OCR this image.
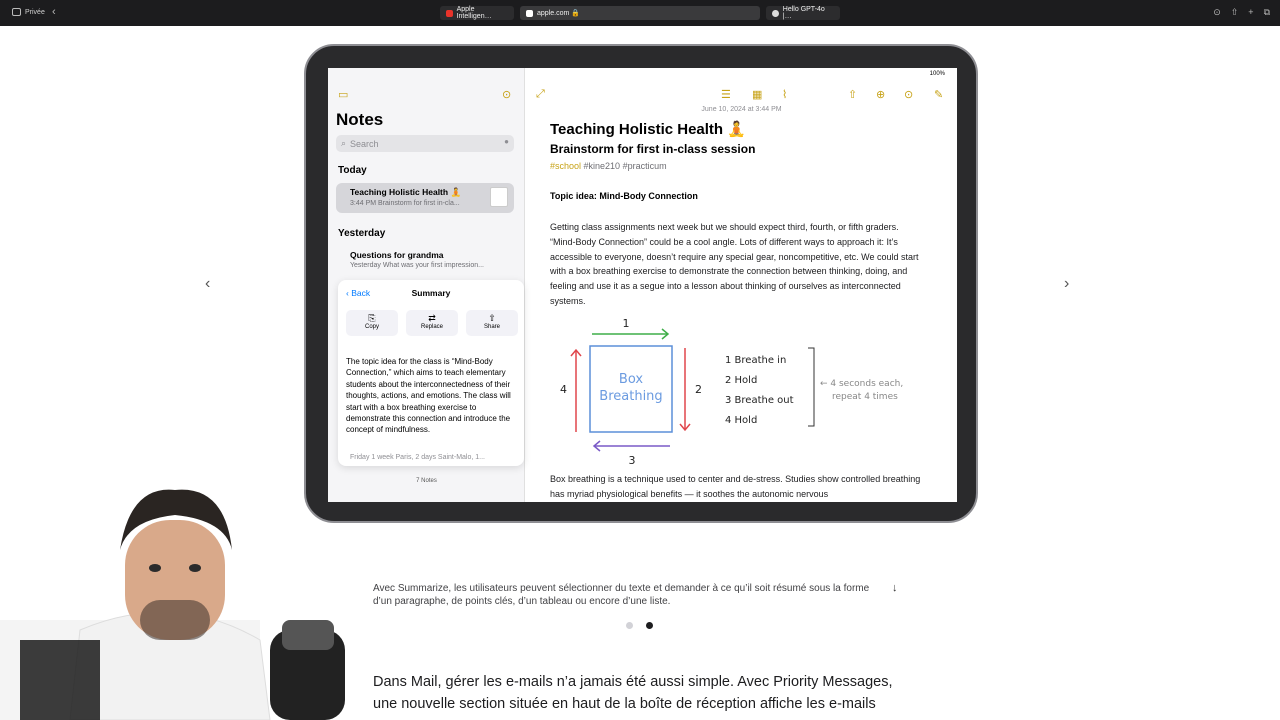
Privée ‹	Apple Intelligen…	apple.com 🔒
Hello GPT-4o |…	⊙ ⇧ + ⧉
100%
▭	⊙
Notes
⌕ Search	●
Today
Teaching Holistic Health 🧘
3:44 PM Brainstorm for first in-cla...
Yesterday
Questions for grandma
Yesterday What was your first impression...
7 Notes
‹ Back	Summary
⎘
Copy
⇄
Replace
⇧
Share
The topic idea for the class is “Mind-Body Connection,” which aims to teach elementary students about the interconnectedness of their thoughts, actions, and emotions. The class will start with a box breathing exercise to demonstrate this connection and introduce the concept of mindfulness.
Friday 1 week Paris, 2 days Saint-Malo, 1...
⤢	☰ ▦ ⌇	⇧ ⊕ ⊙ ✎
June 10, 2024 at 3:44 PM
Teaching Holistic Health 🧘
Brainstorm for first in-class session
#school #kine210 #practicum
Topic idea: Mind-Body Connection
Getting class assignments next week but we should expect third, fourth, or fifth graders. “Mind-Body Connection” could be a cool angle. Lots of different ways to approach it: It’s accessible to everyone, doesn’t require any special gear, noncompetitive, etc. We could start with a box breathing exercise to demonstrate the connection between thinking, doing, and feeling and use it as a segue into a lesson about thinking of ourselves as interconnected systems.
Box
Breathing
1
2
3
4
1 Breathe in
2 Hold
3 Breathe out
4 Hold
← 4 seconds each,
repeat 4 times
Box breathing is a technique used to center and de-stress. Studies show controlled breathing has myriad physiological benefits — it soothes the autonomic nervous
‹	›
Avec Summarize, les utilisateurs peuvent sélectionner du texte et demander à ce qu’il soit résumé sous la forme d’un paragraphe, de points clés, d’un tableau ou encore d’une liste.
↓
Dans Mail, gérer les e-mails n’a jamais été aussi simple. Avec Priority Messages, une nouvelle section située en haut de la boîte de réception affiche les e-mails
